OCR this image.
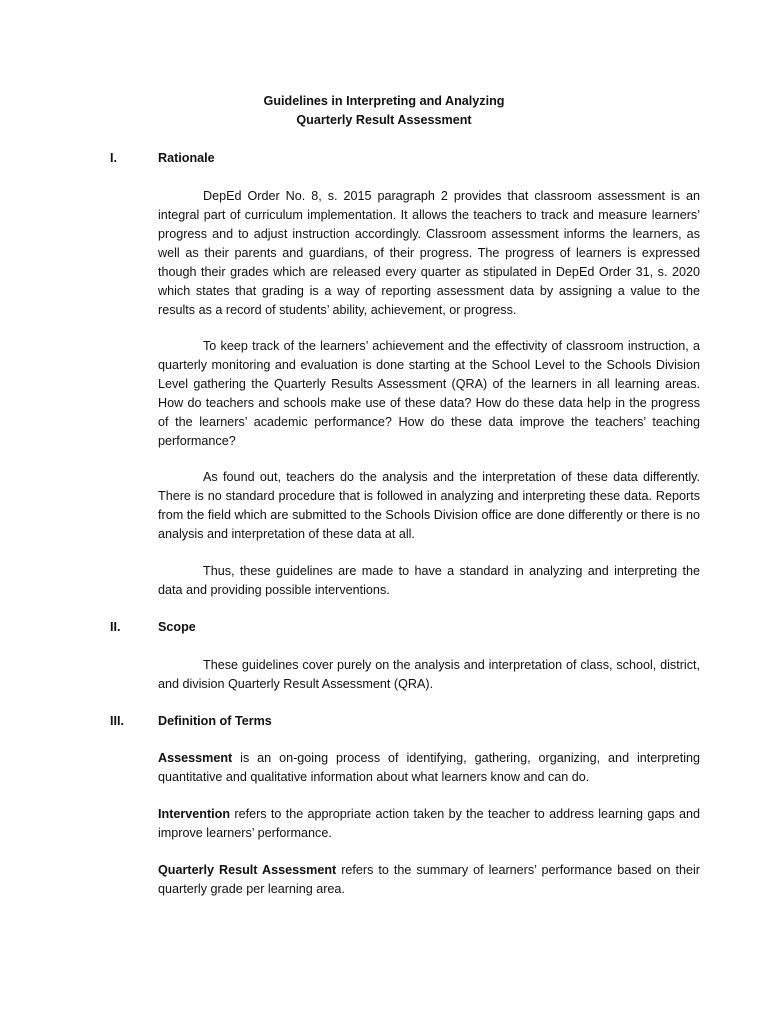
Guidelines in Interpreting and Analyzing
Quarterly Result Assessment
I.	Rationale

DepEd Order No. 8, s. 2015 paragraph 2 provides that classroom assessment is an integral part of curriculum implementation. It allows the teachers to track and measure learners’ progress and to adjust instruction accordingly. Classroom assessment informs the learners, as well as their parents and guardians, of their progress. The progress of learners is expressed though their grades which are released every quarter as stipulated in DepEd Order 31, s. 2020 which states that grading is a way of reporting assessment data by assigning a value to the results as a record of students’ ability, achievement, or progress.

To keep track of the learners’ achievement and the effectivity of classroom instruction, a quarterly monitoring and evaluation is done starting at the School Level to the Schools Division Level gathering the Quarterly Results Assessment (QRA) of the learners in all learning areas. How do teachers and schools make use of these data? How do these data help in the progress of the learners’ academic performance? How do these data improve the teachers’ teaching performance?

As found out, teachers do the analysis and the interpretation of these data differently. There is no standard procedure that is followed in analyzing and interpreting these data. Reports from the field which are submitted to the Schools Division office are done differently or there is no analysis and interpretation of these data at all.

Thus, these guidelines are made to have a standard in analyzing and interpreting the data and providing possible interventions.

II.	Scope

These guidelines cover purely on the analysis and interpretation of class, school, district, and division Quarterly Result Assessment (QRA).

III.	Definition of Terms

Assessment is an on-going process of identifying, gathering, organizing, and interpreting quantitative and qualitative information about what learners know and can do.

Intervention refers to the appropriate action taken by the teacher to address learning gaps and improve learners’ performance.

Quarterly Result Assessment refers to the summary of learners’ performance based on their quarterly grade per learning area.
